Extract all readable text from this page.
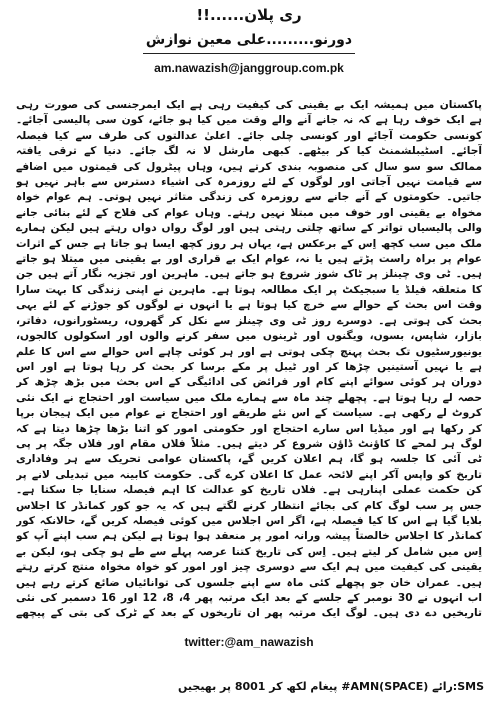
ری پلان......!!
دورنو.........علی معین نوازش
am.nawazish@janggroup.com.pk

پاکستان میں ہمیشہ ایک بے یقینی کی کیفیت رہی ہے ایک ایمرجنسی کی صورت رہی ہے ایک خوف رہا ہے کہ نہ جانے آنے والے وقت میں کیا ہو جائے، کون سی پالیسی آجائے۔ کونسی حکومت آجائے اور کونسی چلی جائے۔ اعلیٰ عدالتوں کی طرف سے کیا فیصلہ آجائے۔ اسٹیبلشمنٹ کیا کر بیٹھے۔ کبھی مارشل لا نہ لگ جائے۔ دنیا کے ترقی یافتہ ممالک سو سو سال کی منصوبہ بندی کرتے ہیں، وہاں پیٹرول کی قیمتوں میں اضافے سے قیامت نہیں آجاتی اور لوگوں کے لئے روزمرہ کی اشیاء دسترس سے باہر نہیں ہو جاتیں۔ حکومتوں کے آنے جانے سے روزمرہ کی زندگی متاثر نہیں ہوتی۔ ہم عوام خواہ مخواہ بے یقینی اور خوف میں مبتلا نہیں رہتے۔ وہاں عوام کی فلاح کے لئے بنائی جانے والی پالیسیاں تواتر کے ساتھ چلتی رہتی ہیں اور لوگ رواں دواں رہتے ہیں لیکن ہمارے ملک میں سب کچھ اِس کے برعکس ہے، یہاں ہر روز کچھ ایسا ہو جاتا ہے جس کے اثرات عوام پر براہ راست پڑتے ہیں یا نہ، عوام ایک بے قراری اور بے یقینی میں مبتلا ہو جاتے ہیں۔ ٹی وی چینلز پر ٹاک شوز شروع ہو جاتے ہیں۔ ماہرین اور تجزیہ نگار آتے ہیں جن کا متعلقہ فیلڈ یا سبجیکٹ پر ایک مطالعہ ہوتا ہے۔ ماہرین نے اپنی زندگی کا بہت سارا وقت اس بحث کے حوالے سے خرچ کیا ہوتا ہے یا انہوں نے لوگوں کو جوڑنے کے لئے یہی بحث کی ہوتی ہے۔ دوسرے روز ٹی وی چینلز سے نکل کر گھروں، ریسٹورانوں، دفاتر، بازار، شاپس، بسوں، ویگنوں اور ٹرینوں میں سفر کرنے والوں اور اسکولوں کالجوں، یونیورسٹیوں تک بحث پہنچ چکی ہوتی ہے اور ہر کوئی چاہے اس حوالے سے اس کا علم ہے یا نہیں آستینیں چڑھا کر اور ٹیبل پر مکے برسا کر بحث کر رہا ہوتا ہے اور اس دوران ہر کوئی سوائے اپنے کام اور فرائض کی ادائیگی کے اس بحث میں بڑھ چڑھ کر حصہ لے رہا ہوتا ہے۔ پچھلے چند ماہ سے ہمارے ملک میں سیاست اور احتجاج نے ایک نئی کروٹ لے رکھی ہے۔ سیاست کے اس نئے طریقے اور احتجاج نے عوام میں ایک ہیجان برپا کر رکھا ہے اور میڈیا اس سارے احتجاج اور حکومتی امور کو اتنا بڑھا چڑھا دیتا ہے کہ لوگ ہر لمحے کا کاؤنٹ ڈاؤن شروع کر دیتے ہیں۔ مثلاً فلاں مقام اور فلاں جگہ پر پی ٹی آئی کا جلسہ ہو گا، ہم اعلان کریں گے، پاکستان عوامی تحریک سے ہر وفاداری تاریخ کو واپس آکر اپنے لائحہ عمل کا اعلان کرے گی۔ حکومت کابینہ میں تبدیلی لانے پر کن حکمت عملی اپنارہی ہے۔ فلاں تاریخ کو عدالت کا اہم فیصلہ سنایا جا سکتا ہے۔ جس پر سب لوگ کام کی بجائے انتظار کرنے لگتے ہیں کہ یہ جو کور کمانڈر کا اجلاس بلایا گیا ہے اس کا کیا فیصلہ ہے، اگر اس اجلاس میں کوئی فیصلہ کریں گے، حالانکہ کور کمانڈر کا اجلاس خالصتاً پیشہ ورانہ امور پر منعقد ہوا ہوتا ہے لیکن ہم سب اپنے آپ کو اِس میں شامل کر لیتے ہیں۔ اِس کی تاریخ کتنا عرصہ پہلے سے طے ہو چکی ہو، لیکن بے یقینی کی کیفیت میں ہم ایک سے دوسری چیز اور امور کو خواہ مخواہ منتج کرتے رہتے ہیں۔ عمران خان جو پچھلے کئی ماہ سے اپنے جلسوں کی توانائیاں ضائع کرتے رہے ہیں اب انہوں نے 30 نومبر کے جلسے کے بعد ایک مرتبہ پھر 4، 8، 12 اور 16 دسمبر کی نئی تاریخیں دے دی ہیں۔ لوگ ایک مرتبہ پھر ان تاریخوں کے بعد کے ٹرک کی بتی کے پیچھے

twitter:@am_nawazish
SMS:رائے (SPACE)AMN# پیغام لکھ کر 8001 پر بھیجیں
